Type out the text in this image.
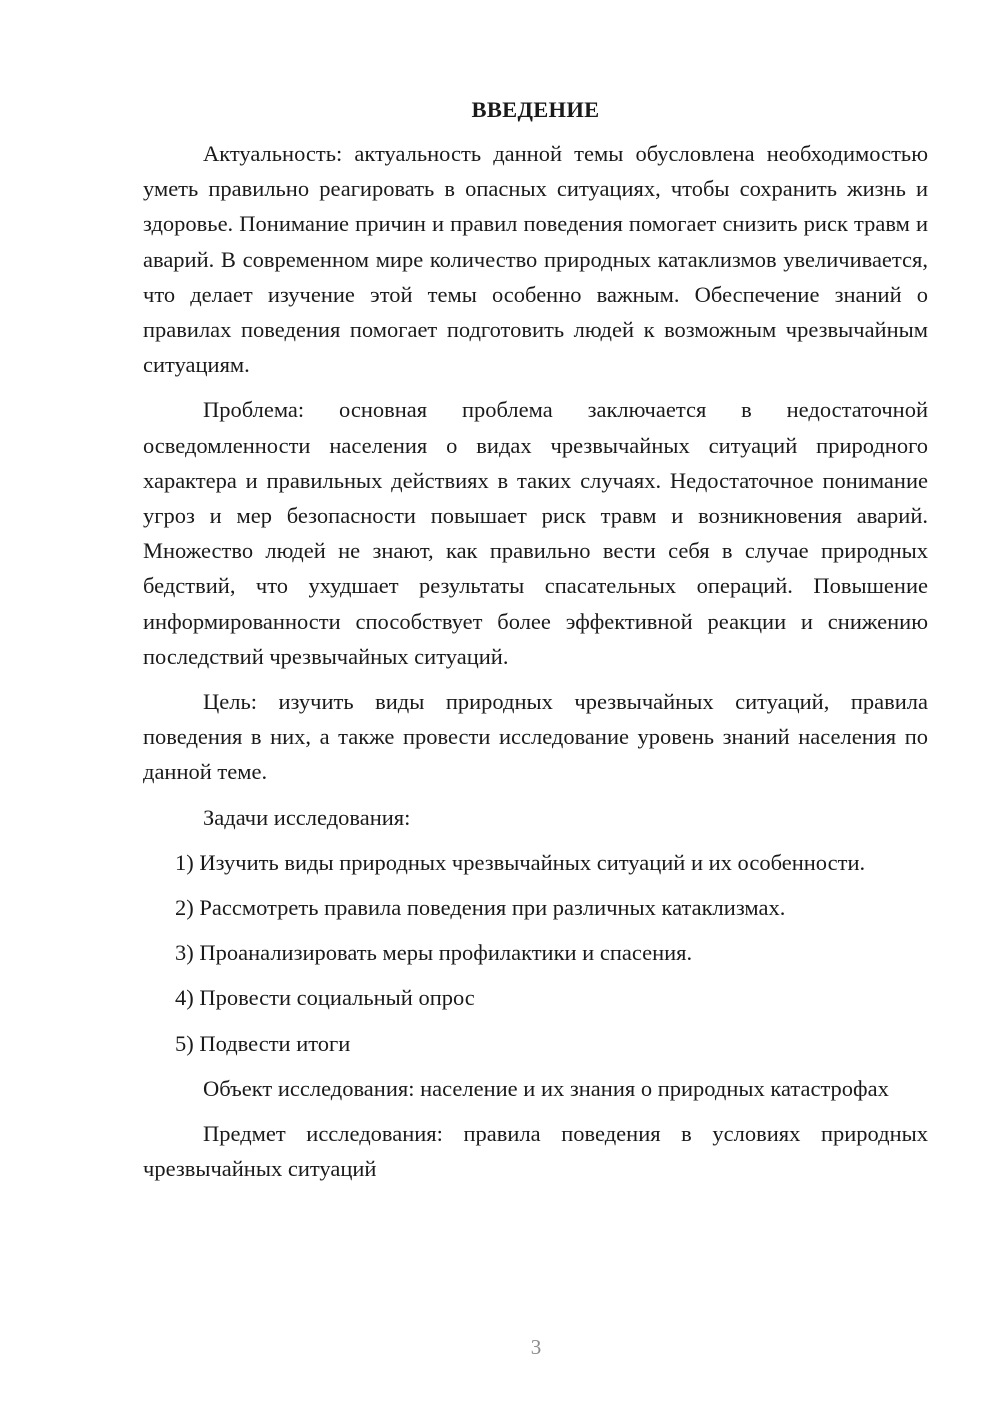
ВВЕДЕНИЕ

Актуальность: актуальность данной темы обусловлена необходимостью уметь правильно реагировать в опасных ситуациях, чтобы сохранить жизнь и здоровье. Понимание причин и правил поведения помогает снизить риск травм и аварий. В современном мире количество природных катаклизмов увеличивается, что делает изучение этой темы особенно важным. Обеспечение знаний о правилах поведения помогает подготовить людей к возможным чрезвычайным ситуациям.

Проблема: основная проблема заключается в недостаточной осведомленности населения о видах чрезвычайных ситуаций природного характера и правильных действиях в таких случаях. Недостаточное понимание угроз и мер безопасности повышает риск травм и возникновения аварий. Множество людей не знают, как правильно вести себя в случае природных бедствий, что ухудшает результаты спасательных операций. Повышение информированности способствует более эффективной реакции и снижению последствий чрезвычайных ситуаций.

Цель: изучить виды природных чрезвычайных ситуаций, правила поведения в них, а также провести исследование уровень знаний населения по данной теме.

Задачи исследования:

1) Изучить виды природных чрезвычайных ситуаций и их особенности.

2) Рассмотреть правила поведения при различных катаклизмах.

3) Проанализировать меры профилактики и спасения.

4) Провести социальный опрос

5) Подвести итоги

Объект исследования: население и их знания о природных катастрофах

Предмет исследования: правила поведения в условиях природных чрезвычайных ситуаций

3
